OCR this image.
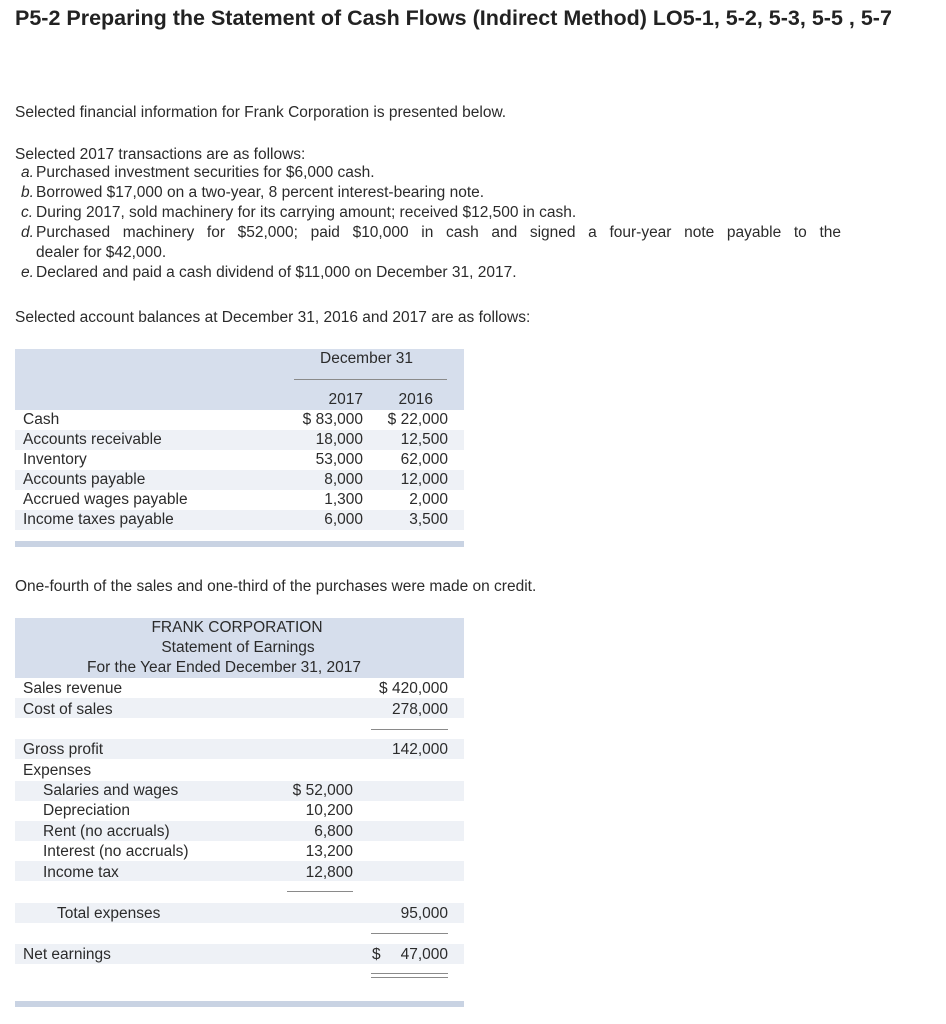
P5-2 Preparing the Statement of Cash Flows (Indirect Method) LO5-1, 5-2, 5-3, 5-5 , 5-7

Selected financial information for Frank Corporation is presented below.

Selected 2017 transactions are as follows:

a. Purchased investment securities for $6,000 cash.
b. Borrowed $17,000 on a two-year, 8 percent interest-bearing note.
c. During 2017, sold machinery for its carrying amount; received $12,500 in cash.
d. Purchased machinery for $52,000; paid $10,000 in cash and signed a four-year note payable to the
dealer for $42,000.
e. Declared and paid a cash dividend of $11,000 on December 31, 2017.

Selected account balances at December 31, 2016 and 2017 are as follows:

December 31
2017	2016
Cash	$ 83,000	$ 22,000
Accounts receivable	18,000	12,500
Inventory	53,000	62,000
Accounts payable	8,000	12,000
Accrued wages payable	1,300	2,000
Income taxes payable	6,000	3,500

One-fourth of the sales and one-third of the purchases were made on credit.

FRANK CORPORATION
Statement of Earnings
For the Year Ended December 31, 2017
Sales revenue	$ 420,000
Cost of sales	278,000
Gross profit	142,000
Expenses
Salaries and wages	$ 52,000
Depreciation	10,200
Rent (no accruals)	6,800
Interest (no accruals)	13,200
Income tax	12,800
Total expenses	95,000
Net earnings	$	47,000
